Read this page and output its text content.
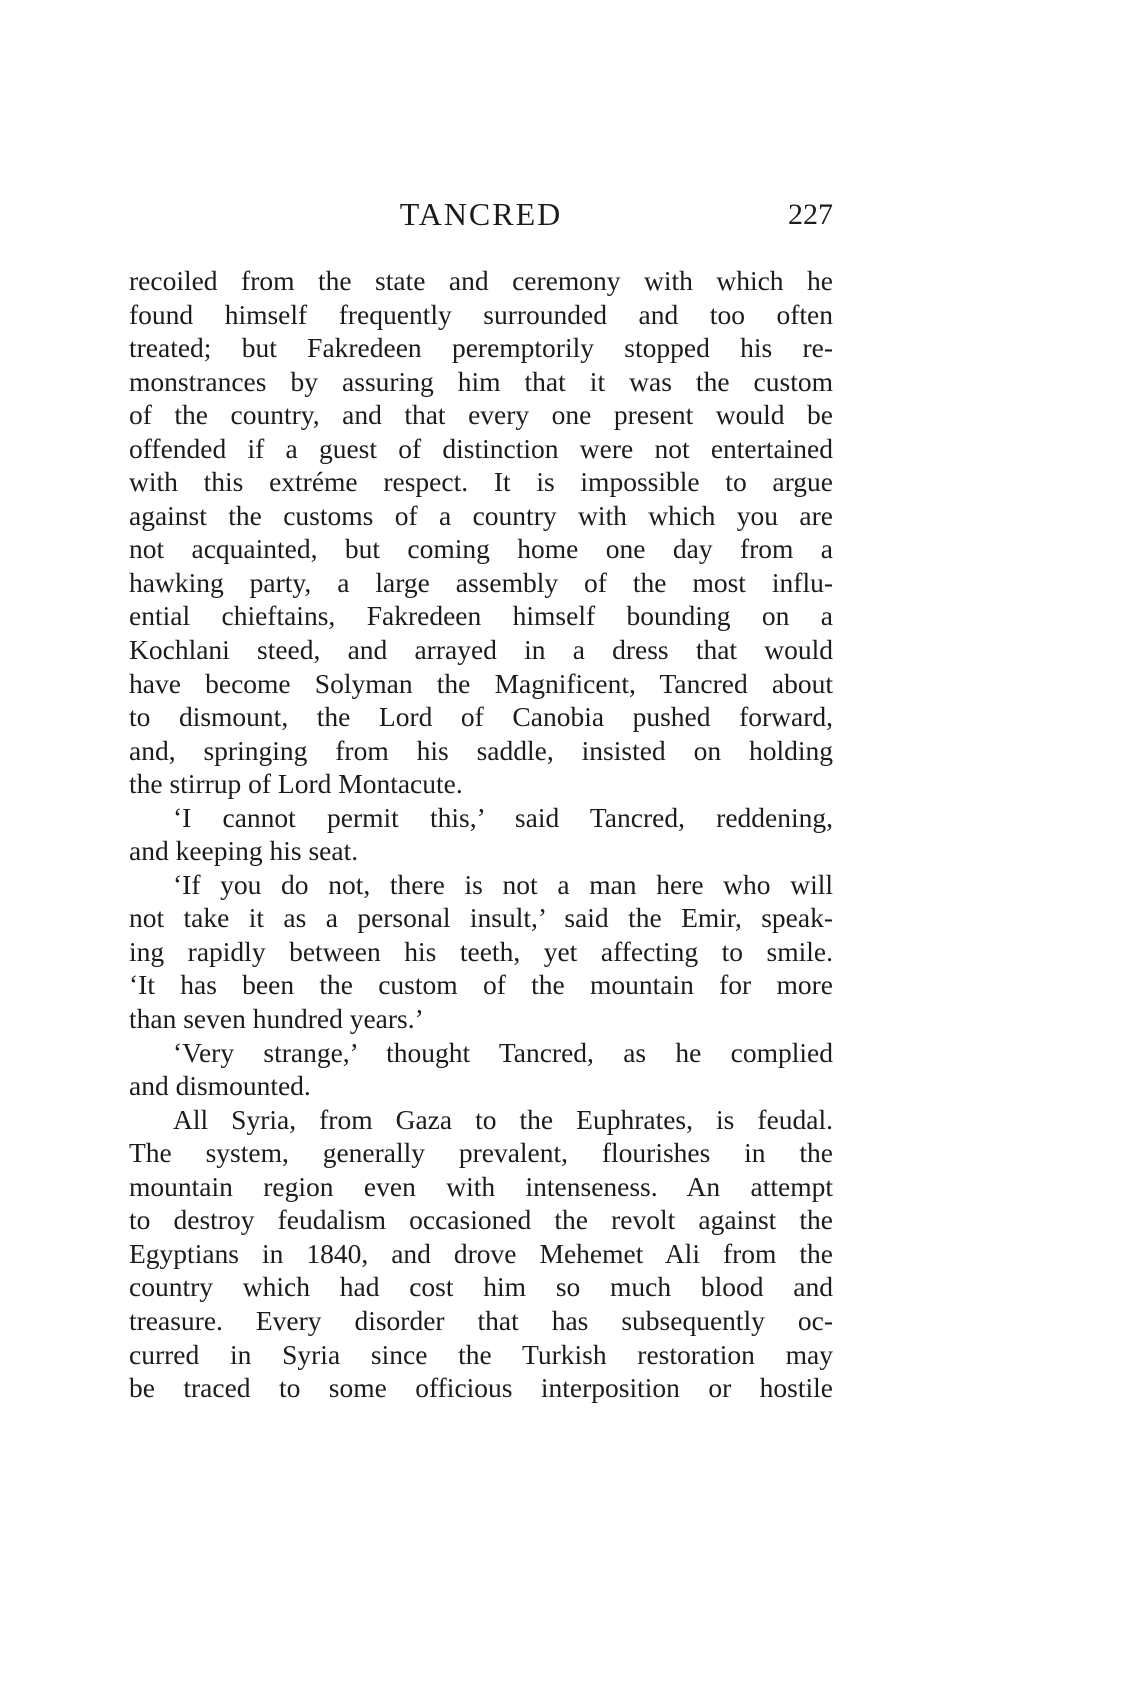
TANCRED	227
recoiled from the state and ceremony with which he
found himself frequently surrounded and too often
treated; but Fakredeen peremptorily stopped his re-
monstrances by assuring him that it was the custom
of the country, and that every one present would be
offended if a guest of distinction were not entertained
with this extréme respect. It is impossible to argue
against the customs of a country with which you are
not acquainted, but coming home one day from a
hawking party, a large assembly of the most influ-
ential chieftains, Fakredeen himself bounding on a
Kochlani steed, and arrayed in a dress that would
have become Solyman the Magnificent, Tancred about
to dismount, the Lord of Canobia pushed forward,
and, springing from his saddle, insisted on holding
the stirrup of Lord Montacute.
‘I cannot permit this,’ said Tancred, reddening,
and keeping his seat.
‘If you do not, there is not a man here who will
not take it as a personal insult,’ said the Emir, speak-
ing rapidly between his teeth, yet affecting to smile.
‘It has been the custom of the mountain for more
than seven hundred years.’
‘Very strange,’ thought Tancred, as he complied
and dismounted.
All Syria, from Gaza to the Euphrates, is feudal.
The system, generally prevalent, flourishes in the
mountain region even with intenseness. An attempt
to destroy feudalism occasioned the revolt against the
Egyptians in 1840, and drove Mehemet Ali from the
country which had cost him so much blood and
treasure. Every disorder that has subsequently oc-
curred in Syria since the Turkish restoration may
be traced to some officious interposition or hostile
